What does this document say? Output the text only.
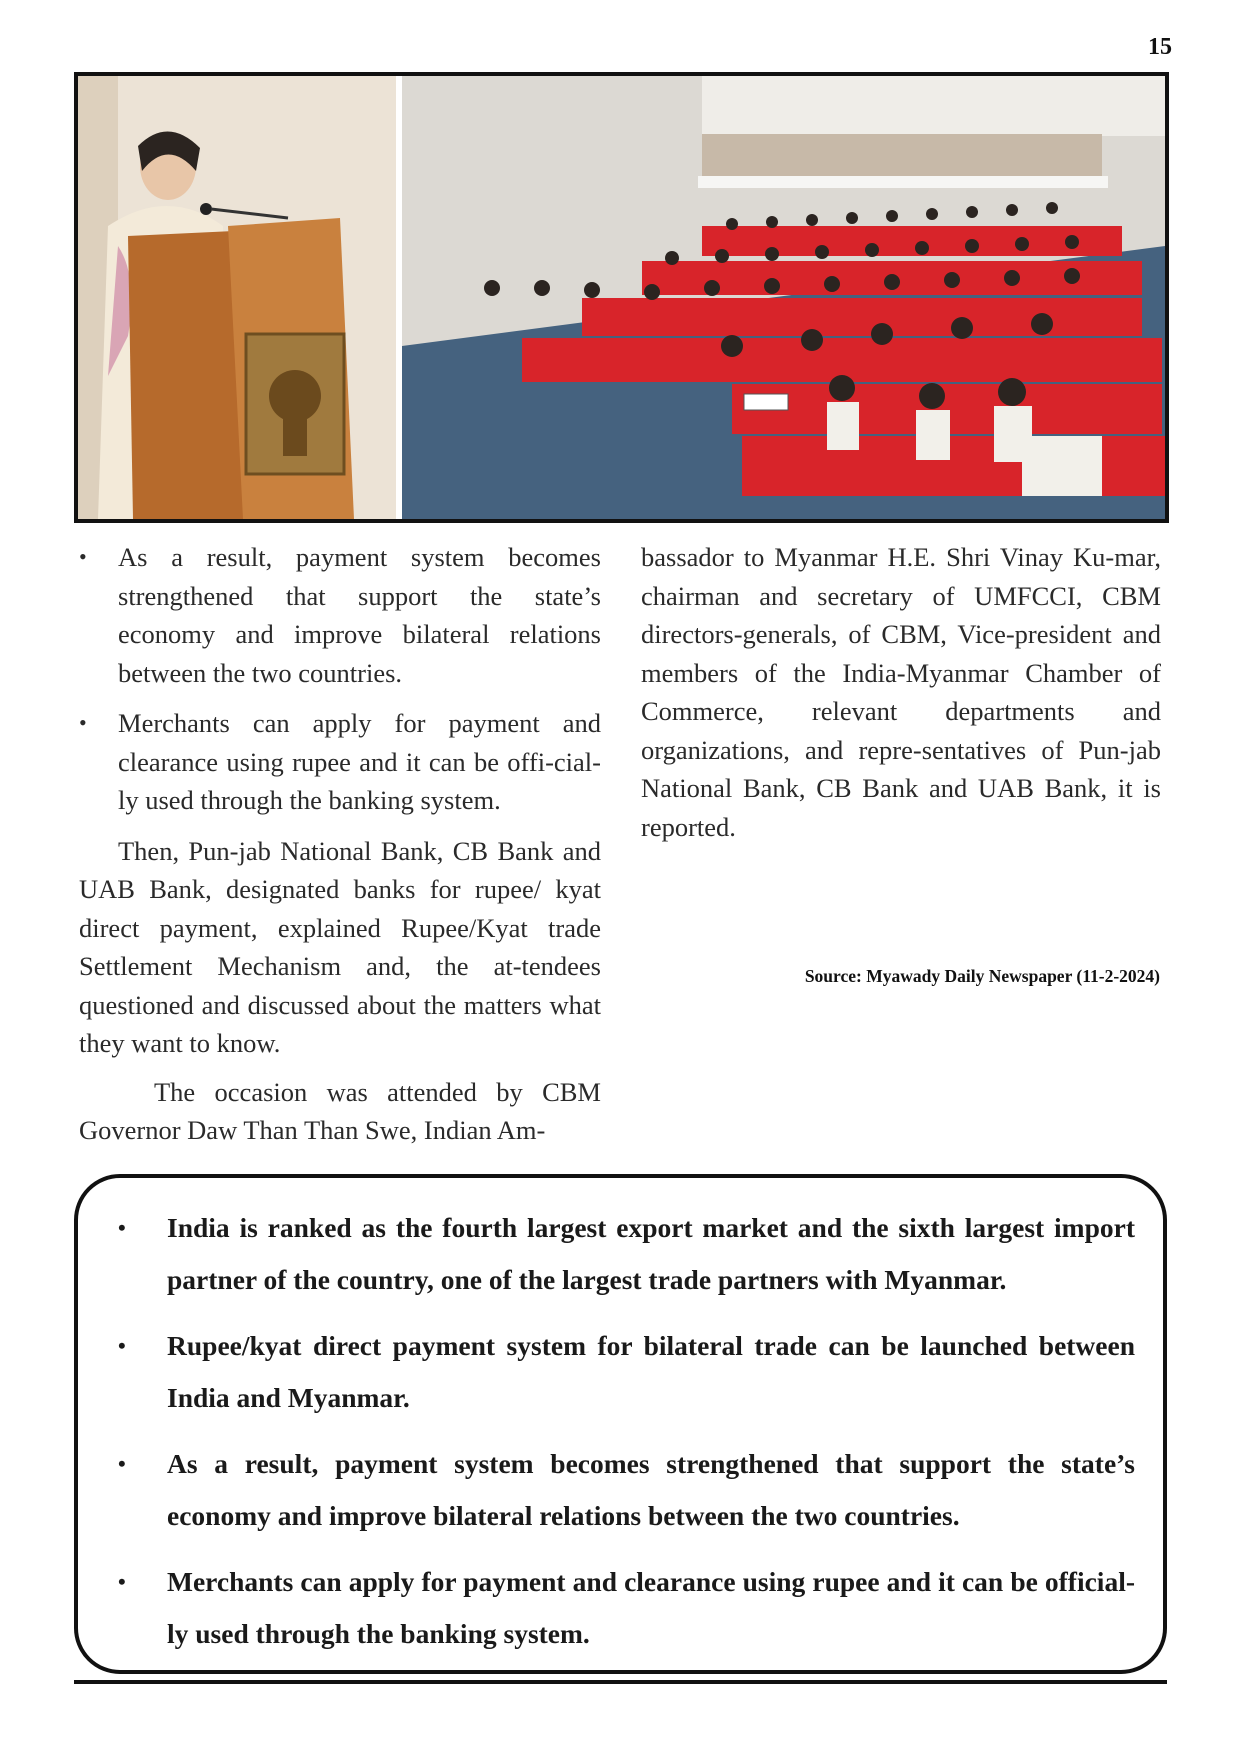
15
• As a result, payment system becomes strengthened that support the state’s economy and improve bilateral relations between the two countries.
• Merchants can apply for payment and clearance using rupee and it can be offi-cial-ly used through the banking system.

Then, Pun-jab National Bank, CB Bank and UAB Bank, designated banks for rupee/ kyat direct payment, explained Rupee/Kyat trade Settlement Mechanism and, the at-tendees questioned and discussed about the matters what they want to know.

The occasion was attended by CBM Governor Daw Than Than Swe, Indian Am-

bassador to Myanmar H.E. Shri Vinay Ku-mar, chairman and secretary of UMFCCI, CBM directors-generals, of CBM, Vice-president and members of the India-Myanmar Chamber of Commerce, relevant departments and organizations, and repre-sentatives of Pun-jab National Bank, CB Bank and UAB Bank, it is reported.

Source: Myawady Daily Newspaper (11-2-2024)
• India is ranked as the fourth largest export market and the sixth largest import partner of the country, one of the largest trade partners with Myanmar.
• Rupee/kyat direct payment system for bilateral trade can be launched between India and Myanmar.
• As a result, payment system becomes strengthened that support the state’s economy and improve bilateral relations between the two countries.
• Merchants can apply for payment and clearance using rupee and it can be official-ly used through the banking system.
